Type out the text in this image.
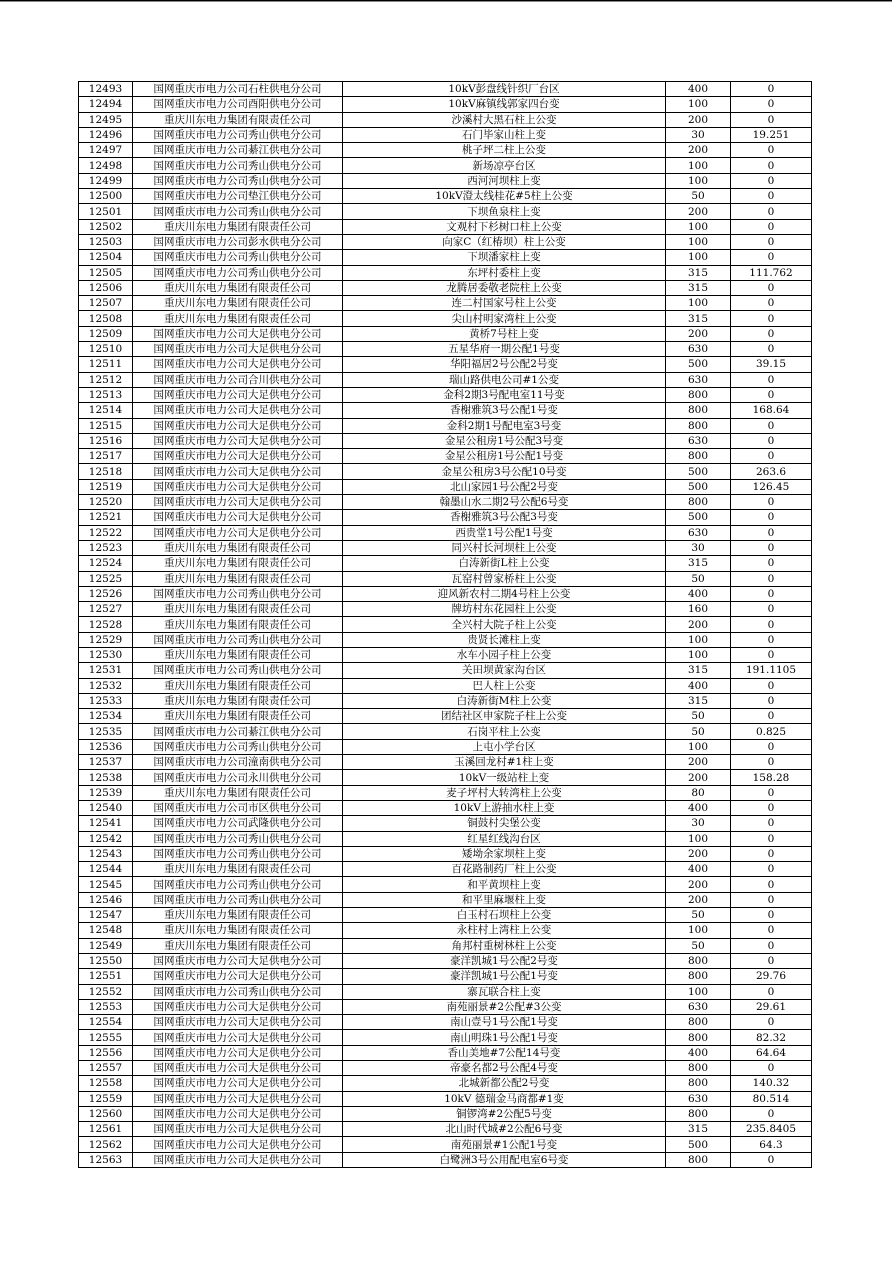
12493	国网重庆市电力公司石柱供电分公司	10kV彭盘线针织厂台区	400	0
12494	国网重庆市电力公司酉阳供电分公司	10kV麻镇线郭家四台变	100	0
12495	重庆川东电力集团有限责任公司	沙溪村大黑石柱上公变	200	0
12496	国网重庆市电力公司秀山供电分公司	石门毕家山柱上变	30	19.251
12497	国网重庆市电力公司綦江供电分公司	桃子坪二柱上公变	200	0
12498	国网重庆市电力公司秀山供电分公司	新场凉亭台区	100	0
12499	国网重庆市电力公司秀山供电分公司	西河河坝柱上变	100	0
12500	国网重庆市电力公司垫江供电分公司	10kV澄太线桂花#5柱上公变	50	0
12501	国网重庆市电力公司秀山供电分公司	下坝鱼泉柱上变	200	0
12502	重庆川东电力集团有限责任公司	文观村下杉树口柱上公变	100	0
12503	国网重庆市电力公司彭水供电分公司	向家C（红椿坝）柱上公变	100	0
12504	国网重庆市电力公司秀山供电分公司	下坝潘家柱上变	100	0
12505	国网重庆市电力公司秀山供电分公司	东坪村委柱上变	315	111.762
12506	重庆川东电力集团有限责任公司	龙腾居委敬老院柱上公变	315	0
12507	重庆川东电力集团有限责任公司	连二村国家号柱上公变	100	0
12508	重庆川东电力集团有限责任公司	尖山村明家湾柱上公变	315	0
12509	国网重庆市电力公司大足供电分公司	黄桥7号柱上变	200	0
12510	国网重庆市电力公司大足供电分公司	五星华府一期公配1号变	630	0
12511	国网重庆市电力公司大足供电分公司	华阳福居2号公配2号变	500	39.15
12512	国网重庆市电力公司合川供电分公司	瑞山路供电公司#1公变	630	0
12513	国网重庆市电力公司大足供电分公司	金科2期3号配电室11号变	800	0
12514	国网重庆市电力公司大足供电分公司	香榭雅筑3号公配1号变	800	168.64
12515	国网重庆市电力公司大足供电分公司	金科2期1号配电室3号变	800	0
12516	国网重庆市电力公司大足供电分公司	金星公租房1号公配3号变	630	0
12517	国网重庆市电力公司大足供电分公司	金星公租房1号公配1号变	800	0
12518	国网重庆市电力公司大足供电分公司	金星公租房3号公配10号变	500	263.6
12519	国网重庆市电力公司大足供电分公司	北山家园1号公配2号变	500	126.45
12520	国网重庆市电力公司大足供电分公司	翰墨山水二期2号公配6号变	800	0
12521	国网重庆市电力公司大足供电分公司	香榭雅筑3号公配3号变	500	0
12522	国网重庆市电力公司大足供电分公司	西贵堂1号公配1号变	630	0
12523	重庆川东电力集团有限责任公司	同兴村长河坝柱上公变	30	0
12524	重庆川东电力集团有限责任公司	白涛新街L柱上公变	315	0
12525	重庆川东电力集团有限责任公司	瓦窑村曾家桥柱上公变	50	0
12526	国网重庆市电力公司秀山供电分公司	迎风新农村二期4号柱上公变	400	0
12527	重庆川东电力集团有限责任公司	牌坊村东花园柱上公变	160	0
12528	重庆川东电力集团有限责任公司	全兴村大院子柱上公变	200	0
12529	国网重庆市电力公司秀山供电分公司	贵贤长滩柱上变	100	0
12530	重庆川东电力集团有限责任公司	水车小园子柱上公变	100	0
12531	国网重庆市电力公司秀山供电分公司	关田坝黄家沟台区	315	191.1105
12532	重庆川东电力集团有限责任公司	巴人柱上公变	400	0
12533	重庆川东电力集团有限责任公司	白涛新街M柱上公变	315	0
12534	重庆川东电力集团有限责任公司	团结社区申家院子柱上公变	50	0
12535	国网重庆市电力公司綦江供电分公司	石岗平柱上公变	50	0.825
12536	国网重庆市电力公司秀山供电分公司	上屯小学台区	100	0
12537	国网重庆市电力公司潼南供电分公司	玉溪回龙村#1柱上变	200	0
12538	国网重庆市电力公司永川供电分公司	10kV一级站柱上变	200	158.28
12539	重庆川东电力集团有限责任公司	麦子坪村大转湾柱上公变	80	0
12540	国网重庆市电力公司市区供电分公司	10kV上游抽水柱上变	400	0
12541	国网重庆市电力公司武隆供电分公司	铜鼓村尖堡公变	30	0
12542	国网重庆市电力公司秀山供电分公司	红星红线沟台区	100	0
12543	国网重庆市电力公司秀山供电分公司	矮坳余家坝柱上变	200	0
12544	重庆川东电力集团有限责任公司	百花路制药厂柱上公变	400	0
12545	国网重庆市电力公司秀山供电分公司	和平黄坝柱上变	200	0
12546	国网重庆市电力公司秀山供电分公司	和平里麻堰柱上变	200	0
12547	重庆川东电力集团有限责任公司	白玉村石坝柱上公变	50	0
12548	重庆川东电力集团有限责任公司	永柱村上湾柱上公变	100	0
12549	重庆川东电力集团有限责任公司	角邦村重树林柱上公变	50	0
12550	国网重庆市电力公司大足供电分公司	豪洋凯城1号公配2号变	800	0
12551	国网重庆市电力公司大足供电分公司	豪洋凯城1号公配1号变	800	29.76
12552	国网重庆市电力公司秀山供电分公司	寨瓦联合柱上变	100	0
12553	国网重庆市电力公司大足供电分公司	南苑丽景#2公配#3公变	630	29.61
12554	国网重庆市电力公司大足供电分公司	南山壹号1号公配1号变	800	0
12555	国网重庆市电力公司大足供电分公司	南山明珠1号公配1号变	800	82.32
12556	国网重庆市电力公司大足供电分公司	香山美地#7公配14号变	400	64.64
12557	国网重庆市电力公司大足供电分公司	帝豪名都2号公配4号变	800	0
12558	国网重庆市电力公司大足供电分公司	北城新都公配2号变	800	140.32
12559	国网重庆市电力公司大足供电分公司	10kV 德瑞金马商都#1变	630	80.514
12560	国网重庆市电力公司大足供电分公司	铜锣湾#2公配5号变	800	0
12561	国网重庆市电力公司大足供电分公司	北山时代城#2公配6号变	315	235.8405
12562	国网重庆市电力公司大足供电分公司	南苑丽景#1公配1号变	500	64.3
12563	国网重庆市电力公司大足供电分公司	白鹭洲3号公用配电室6号变	800	0
